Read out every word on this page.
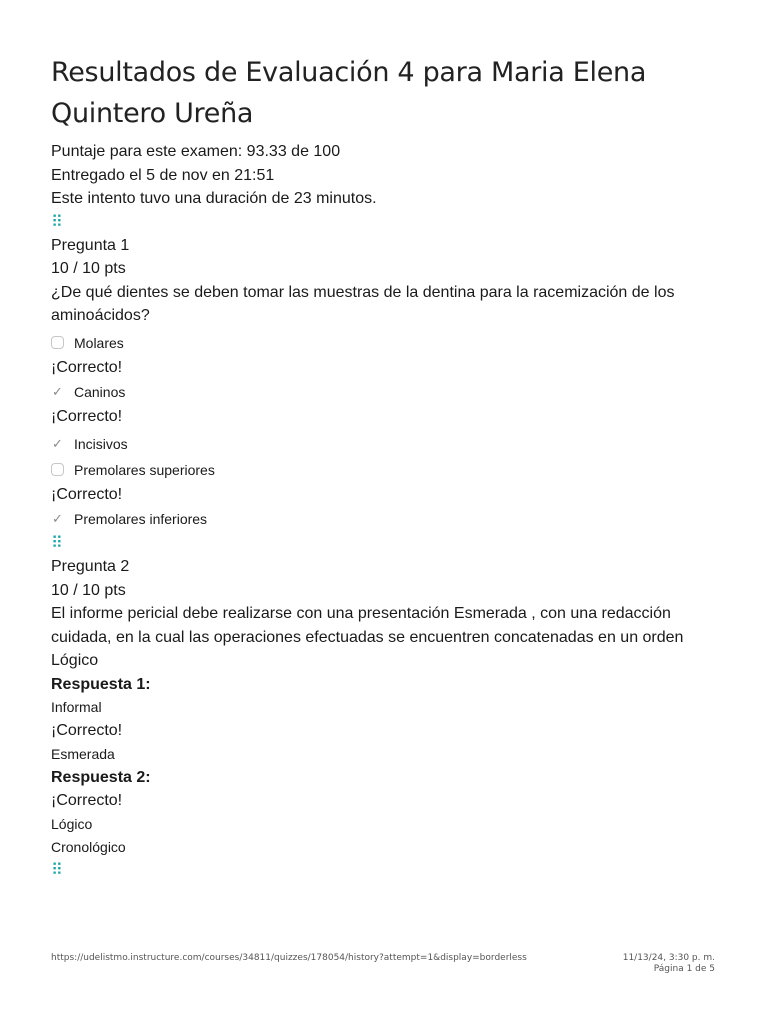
Resultados de Evaluación 4 para Maria Elena
Quintero Ureña
Puntaje para este examen: 93.33 de 100
Entregado el 5 de nov en 21:51
Este intento tuvo una duración de 23 minutos.
⠿
Pregunta 1
10 / 10 pts
¿De qué dientes se deben tomar las muestras de la dentina para la racemización de los aminoácidos?
Molares
¡Correcto!
✓ Caninos
¡Correcto!
✓ Incisivos
Premolares superiores
¡Correcto!
✓ Premolares inferiores
⠿
Pregunta 2
10 / 10 pts
El informe pericial debe realizarse con una presentación Esmerada , con una redacción cuidada, en la cual las operaciones efectuadas se encuentren concatenadas en un orden Lógico
Respuesta 1:
Informal
¡Correcto!
Esmerada
Respuesta 2:
¡Correcto!
Lógico
Cronológico
⠿
https://udelistmo.instructure.com/courses/34811/quizzes/178054/history?attempt=1&display=borderless	11/13/24, 3:30 p. m.
Página 1 de 5
